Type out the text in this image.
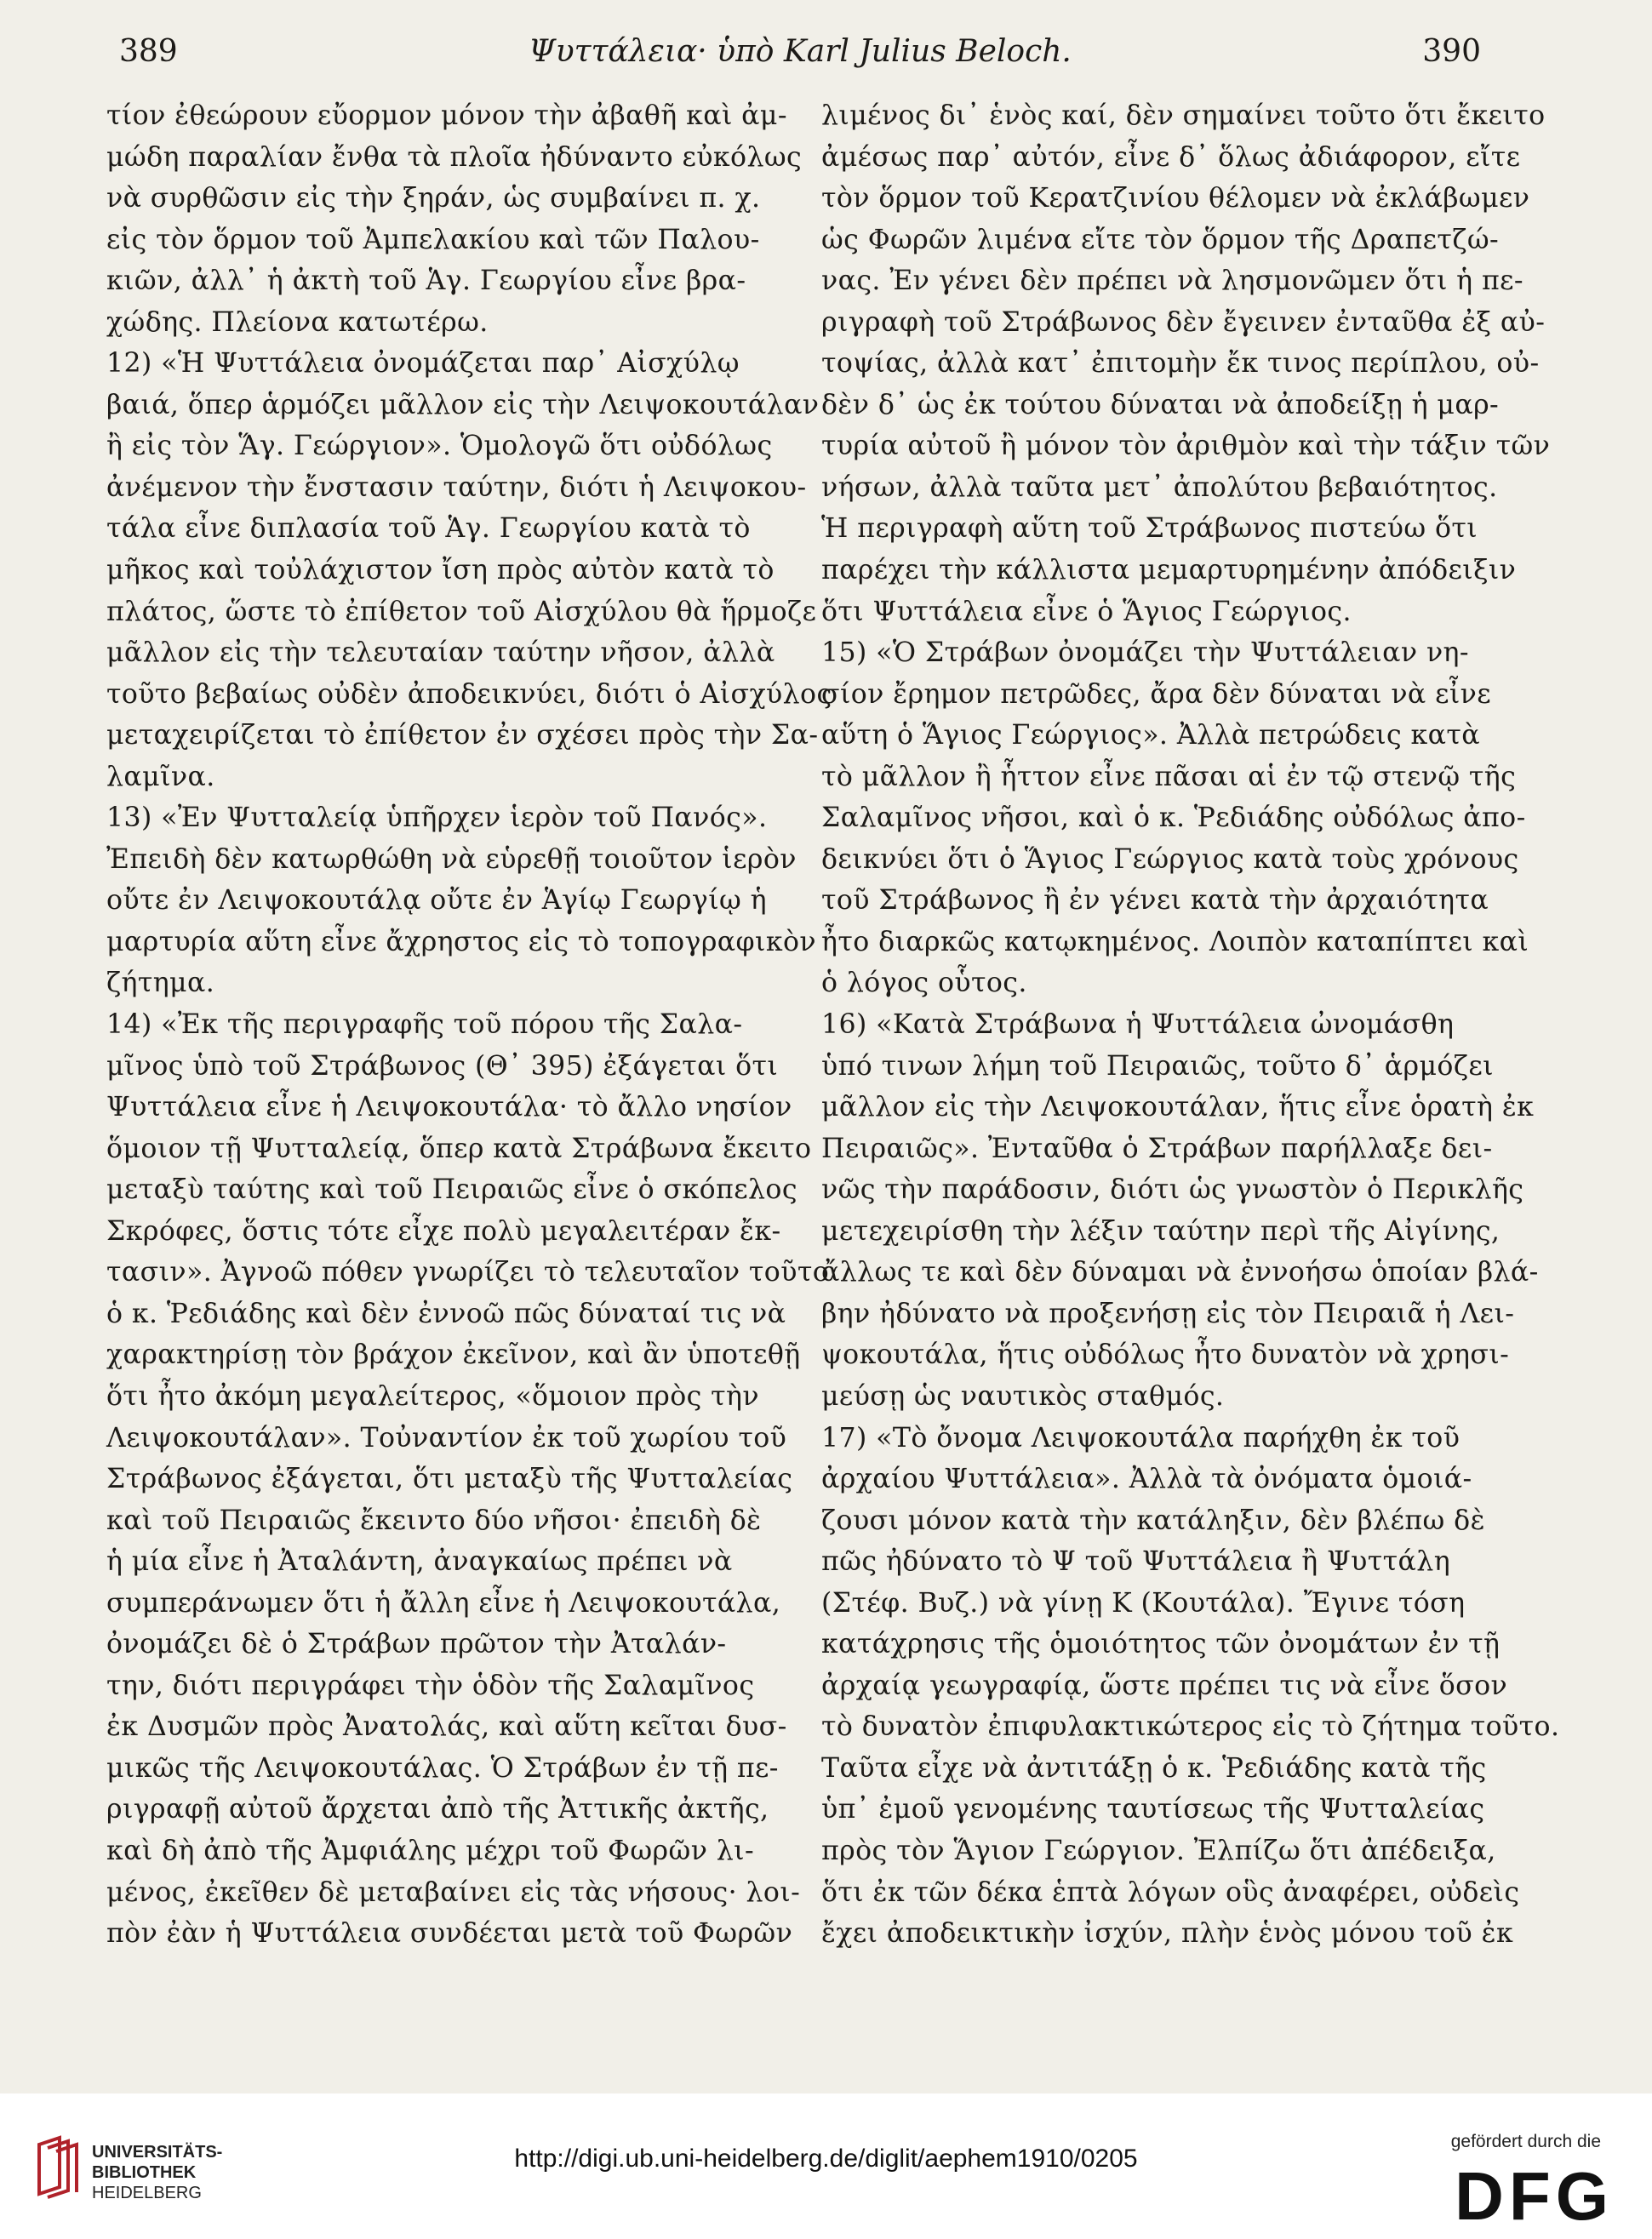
389	Ψυττάλεια· ὑπὸ Karl Julius Beloch.	390
τίον ἐθεώρουν εὔορμον μόνον τὴν ἀβαθῆ καὶ ἀμ-
μώδη παραλίαν ἔνθα τὰ πλοῖα ἠδύναντο εὐκόλως
νὰ συρθῶσιν εἰς τὴν ξηράν, ὡς συμβαίνει π. χ.
εἰς τὸν ὅρμον τοῦ Ἀμπελακίου καὶ τῶν Παλου-
κιῶν, ἀλλ᾽ ἡ ἀκτὴ τοῦ Ἁγ. Γεωργίου εἶνε βρα-
χώδης. Πλείονα κατωτέρω.
12) «Ἡ Ψυττάλεια ὀνομάζεται παρ᾽ Αἰσχύλῳ
βαιά, ὅπερ ἁρμόζει μᾶλλον εἰς τὴν Λειψοκουτάλαν
ἢ εἰς τὸν Ἅγ. Γεώργιον». Ὁμολογῶ ὅτι οὐδόλως
ἀνέμενον τὴν ἔνστασιν ταύτην, διότι ἡ Λειψοκου-
τάλα εἶνε διπλασία τοῦ Ἁγ. Γεωργίου κατὰ τὸ
μῆκος καὶ τοὐλάχιστον ἴση πρὸς αὐτὸν κατὰ τὸ
πλάτος, ὥστε τὸ ἐπίθετον τοῦ Αἰσχύλου θὰ ἥρμοζε
μᾶλλον εἰς τὴν τελευταίαν ταύτην νῆσον, ἀλλὰ
τοῦτο βεβαίως οὐδὲν ἀποδεικνύει, διότι ὁ Αἰσχύλος
μεταχειρίζεται τὸ ἐπίθετον ἐν σχέσει πρὸς τὴν Σα-
λαμῖνα.
13) «Ἐν Ψυτταλείᾳ ὑπῆρχεν ἱερὸν τοῦ Πανός».
Ἐπειδὴ δὲν κατωρθώθη νὰ εὑρεθῇ τοιοῦτον ἱερὸν
οὔτε ἐν Λειψοκουτάλᾳ οὔτε ἐν Ἁγίῳ Γεωργίῳ ἡ
μαρτυρία αὕτη εἶνε ἄχρηστος εἰς τὸ τοπογραφικὸν
ζήτημα.
14) «Ἐκ τῆς περιγραφῆς τοῦ πόρου τῆς Σαλα-
μῖνος ὑπὸ τοῦ Στράβωνος (Θ᾽ 395) ἐξάγεται ὅτι
Ψυττάλεια εἶνε ἡ Λειψοκουτάλα· τὸ ἄλλο νησίον
ὅμοιον τῇ Ψυτταλείᾳ, ὅπερ κατὰ Στράβωνα ἔκειτο
μεταξὺ ταύτης καὶ τοῦ Πειραιῶς εἶνε ὁ σκόπελος
Σκρόφες, ὅστις τότε εἶχε πολὺ μεγαλειτέραν ἔκ-
τασιν». Ἀγνοῶ πόθεν γνωρίζει τὸ τελευταῖον τοῦτο
ὁ κ. Ῥεδιάδης καὶ δὲν ἐννοῶ πῶς δύναταί τις νὰ
χαρακτηρίσῃ τὸν βράχον ἐκεῖνον, καὶ ἂν ὑποτεθῇ
ὅτι ἦτο ἀκόμη μεγαλείτερος, «ὅμοιον πρὸς τὴν
Λειψοκουτάλαν». Τοὐναντίον ἐκ τοῦ χωρίου τοῦ
Στράβωνος ἐξάγεται, ὅτι μεταξὺ τῆς Ψυτταλείας
καὶ τοῦ Πειραιῶς ἔκειντο δύο νῆσοι· ἐπειδὴ δὲ
ἡ μία εἶνε ἡ Ἀταλάντη, ἀναγκαίως πρέπει νὰ
συμπεράνωμεν ὅτι ἡ ἄλλη εἶνε ἡ Λειψοκουτάλα,
ὀνομάζει δὲ ὁ Στράβων πρῶτον τὴν Ἀταλάν-
την, διότι περιγράφει τὴν ὁδὸν τῆς Σαλαμῖνος
ἐκ Δυσμῶν πρὸς Ἀνατολάς, καὶ αὕτη κεῖται δυσ-
μικῶς τῆς Λειψοκουτάλας. Ὁ Στράβων ἐν τῇ πε-
ριγραφῇ αὐτοῦ ἄρχεται ἀπὸ τῆς Ἀττικῆς ἀκτῆς,
καὶ δὴ ἀπὸ τῆς Ἀμφιάλης μέχρι τοῦ Φωρῶν λι-
μένος, ἐκεῖθεν δὲ μεταβαίνει εἰς τὰς νήσους· λοι-
πὸν ἐὰν ἡ Ψυττάλεια συνδέεται μετὰ τοῦ Φωρῶν
λιμένος δι᾽ ἑνὸς καί, δὲν σημαίνει τοῦτο ὅτι ἔκειτο
ἀμέσως παρ᾽ αὐτόν, εἶνε δ᾽ ὅλως ἀδιάφορον, εἴτε
τὸν ὅρμον τοῦ Κερατζινίου θέλομεν νὰ ἐκλάβωμεν
ὡς Φωρῶν λιμένα εἴτε τὸν ὅρμον τῆς Δραπετζώ-
νας. Ἐν γένει δὲν πρέπει νὰ λησμονῶμεν ὅτι ἡ πε-
ριγραφὴ τοῦ Στράβωνος δὲν ἔγεινεν ἐνταῦθα ἐξ αὐ-
τοψίας, ἀλλὰ κατ᾽ ἐπιτομὴν ἔκ τινος περίπλου, οὐ-
δὲν δ᾽ ὡς ἐκ τούτου δύναται νὰ ἀποδείξῃ ἡ μαρ-
τυρία αὐτοῦ ἢ μόνον τὸν ἀριθμὸν καὶ τὴν τάξιν τῶν
νήσων, ἀλλὰ ταῦτα μετ᾽ ἀπολύτου βεβαιότητος.
Ἡ περιγραφὴ αὕτη τοῦ Στράβωνος πιστεύω ὅτι
παρέχει τὴν κάλλιστα μεμαρτυρημένην ἀπόδειξιν
ὅτι Ψυττάλεια εἶνε ὁ Ἅγιος Γεώργιος.
15) «Ὁ Στράβων ὀνομάζει τὴν Ψυττάλειαν νη-
σίον ἔρημον πετρῶδες, ἄρα δὲν δύναται νὰ εἶνε
αὕτη ὁ Ἅγιος Γεώργιος». Ἀλλὰ πετρώδεις κατὰ
τὸ μᾶλλον ἢ ἧττον εἶνε πᾶσαι αἱ ἐν τῷ στενῷ τῆς
Σαλαμῖνος νῆσοι, καὶ ὁ κ. Ῥεδιάδης οὐδόλως ἀπο-
δεικνύει ὅτι ὁ Ἅγιος Γεώργιος κατὰ τοὺς χρόνους
τοῦ Στράβωνος ἢ ἐν γένει κατὰ τὴν ἀρχαιότητα
ἦτο διαρκῶς κατῳκημένος. Λοιπὸν καταπίπτει καὶ
ὁ λόγος οὗτος.
16) «Κατὰ Στράβωνα ἡ Ψυττάλεια ὠνομάσθη
ὑπό τινων λήμη τοῦ Πειραιῶς, τοῦτο δ᾽ ἁρμόζει
μᾶλλον εἰς τὴν Λειψοκουτάλαν, ἥτις εἶνε ὁρατὴ ἐκ
Πειραιῶς». Ἐνταῦθα ὁ Στράβων παρήλλαξε δει-
νῶς τὴν παράδοσιν, διότι ὡς γνωστὸν ὁ Περικλῆς
μετεχειρίσθη τὴν λέξιν ταύτην περὶ τῆς Αἰγίνης,
ἄλλως τε καὶ δὲν δύναμαι νὰ ἐννοήσω ὁποίαν βλά-
βην ἠδύνατο νὰ προξενήσῃ εἰς τὸν Πειραιᾶ ἡ Λει-
ψοκουτάλα, ἥτις οὐδόλως ἦτο δυνατὸν νὰ χρησι-
μεύσῃ ὡς ναυτικὸς σταθμός.
17) «Τὸ ὄνομα Λειψοκουτάλα παρήχθη ἐκ τοῦ
ἀρχαίου Ψυττάλεια». Ἀλλὰ τὰ ὀνόματα ὁμοιά-
ζουσι μόνον κατὰ τὴν κατάληξιν, δὲν βλέπω δὲ
πῶς ἠδύνατο τὸ Ψ τοῦ Ψυττάλεια ἢ Ψυττάλη
(Στέφ. Βυζ.) νὰ γίνῃ Κ (Κουτάλα). Ἔγινε τόση
κατάχρησις τῆς ὁμοιότητος τῶν ὀνομάτων ἐν τῇ
ἀρχαίᾳ γεωγραφίᾳ, ὥστε πρέπει τις νὰ εἶνε ὅσον
τὸ δυνατὸν ἐπιφυλακτικώτερος εἰς τὸ ζήτημα τοῦτο.
Ταῦτα εἶχε νὰ ἀντιτάξῃ ὁ κ. Ῥεδιάδης κατὰ τῆς
ὑπ᾽ ἐμοῦ γενομένης ταυτίσεως τῆς Ψυτταλείας
πρὸς τὸν Ἅγιον Γεώργιον. Ἐλπίζω ὅτι ἀπέδειξα,
ὅτι ἐκ τῶν δέκα ἑπτὰ λόγων οὓς ἀναφέρει, οὐδεὶς
ἔχει ἀποδεικτικὴν ἰσχύν, πλὴν ἑνὸς μόνου τοῦ ἐκ
UNIVERSITÄTS-
BIBLIOTHEK
HEIDELBERG
http://digi.ub.uni-heidelberg.de/diglit/aephem1910/0205
gefördert durch die
DFG
